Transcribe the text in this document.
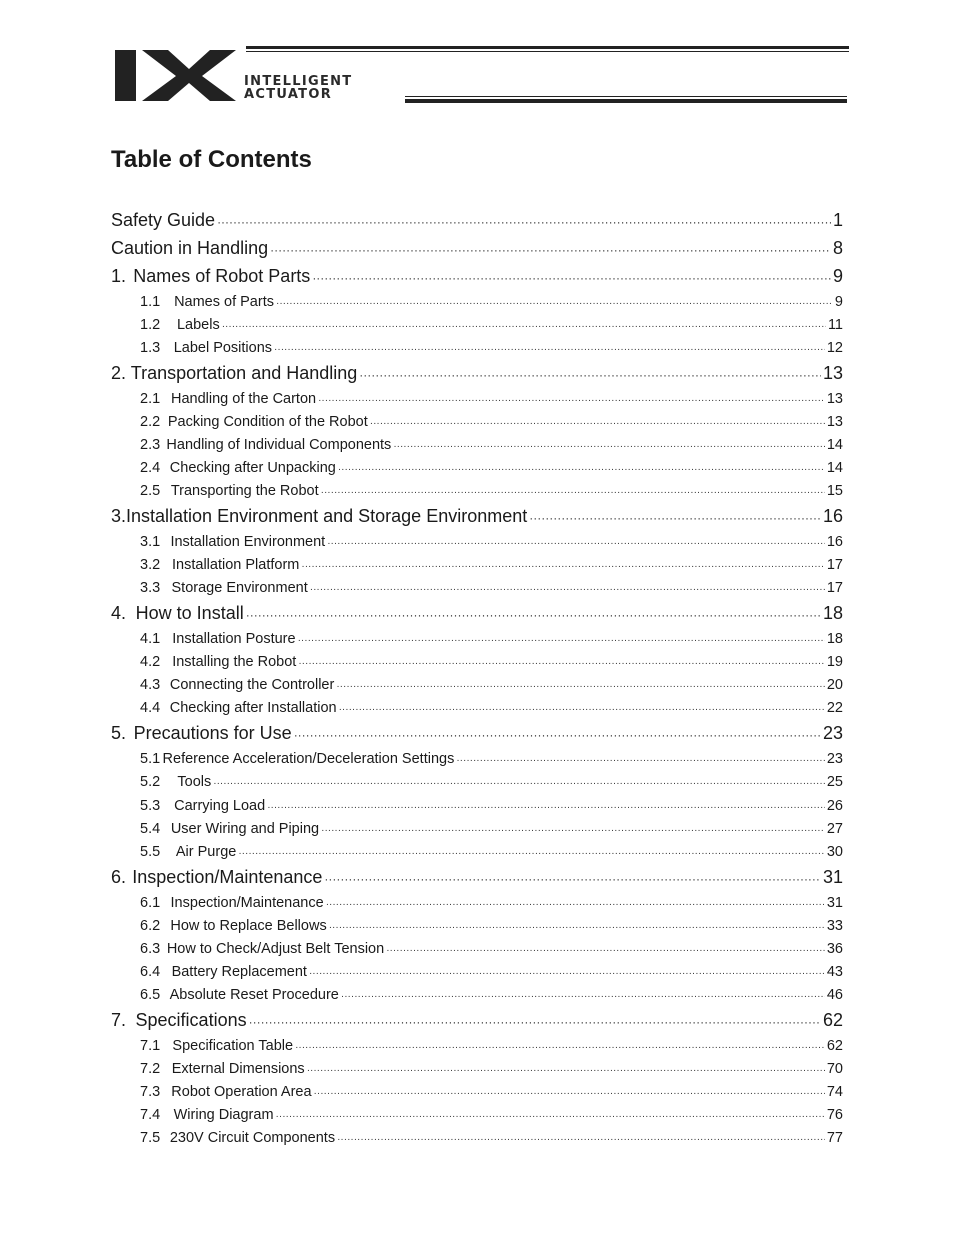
INTELLIGENT
ACTUATOR
Table of Contents
Safety Guide ·····	1
Caution in Handling ·····	8
1. Names of Robot Parts ·····	9
1.1 Names of Parts ·····	9
1.2	Labels ·····	11
1.3 Label Positions ·····	12
2. Transportation and Handling ·····	13
2.1 Handling of the Carton ·····	13
2.2 Packing Condition of the Robot ·····	13
2.3 Handling of Individual Components ·····	14
2.4 Checking after Unpacking ·····	14
2.5 Transporting the Robot ·····	15
3. Installation Environment and Storage Environment ·····	16
3.1 Installation Environment ·····	16
3.2 Installation Platform ·····	17
3.3 Storage Environment ·····	17
4. How to Install ·····	18
4.1 Installation Posture ·····	18
4.2 Installing the Robot ·····	19
4.3 Connecting the Controller ·····	20
4.4 Checking after Installation ·····	22
5. Precautions for Use ·····	23
5.1 Reference Acceleration/Deceleration Settings ·····	23
5.2	Tools ·····	25
5.3 Carrying Load ·····	26
5.4 User Wiring and Piping ·····	27
5.5	Air Purge ·····	30
6. Inspection/Maintenance ·····	31
6.1 Inspection/Maintenance ·····	31
6.2 How to Replace Bellows ·····	33
6.3 How to Check/Adjust Belt Tension ·····	36
6.4 Battery Replacement ·····	43
6.5 Absolute Reset Procedure ·····	46
7. Specifications ·····	62
7.1 Specification Table ·····	62
7.2 External Dimensions ·····	70
7.3 Robot Operation Area ·····	74
7.4 Wiring Diagram ·····	76
7.5 230V Circuit Components ·····	77
